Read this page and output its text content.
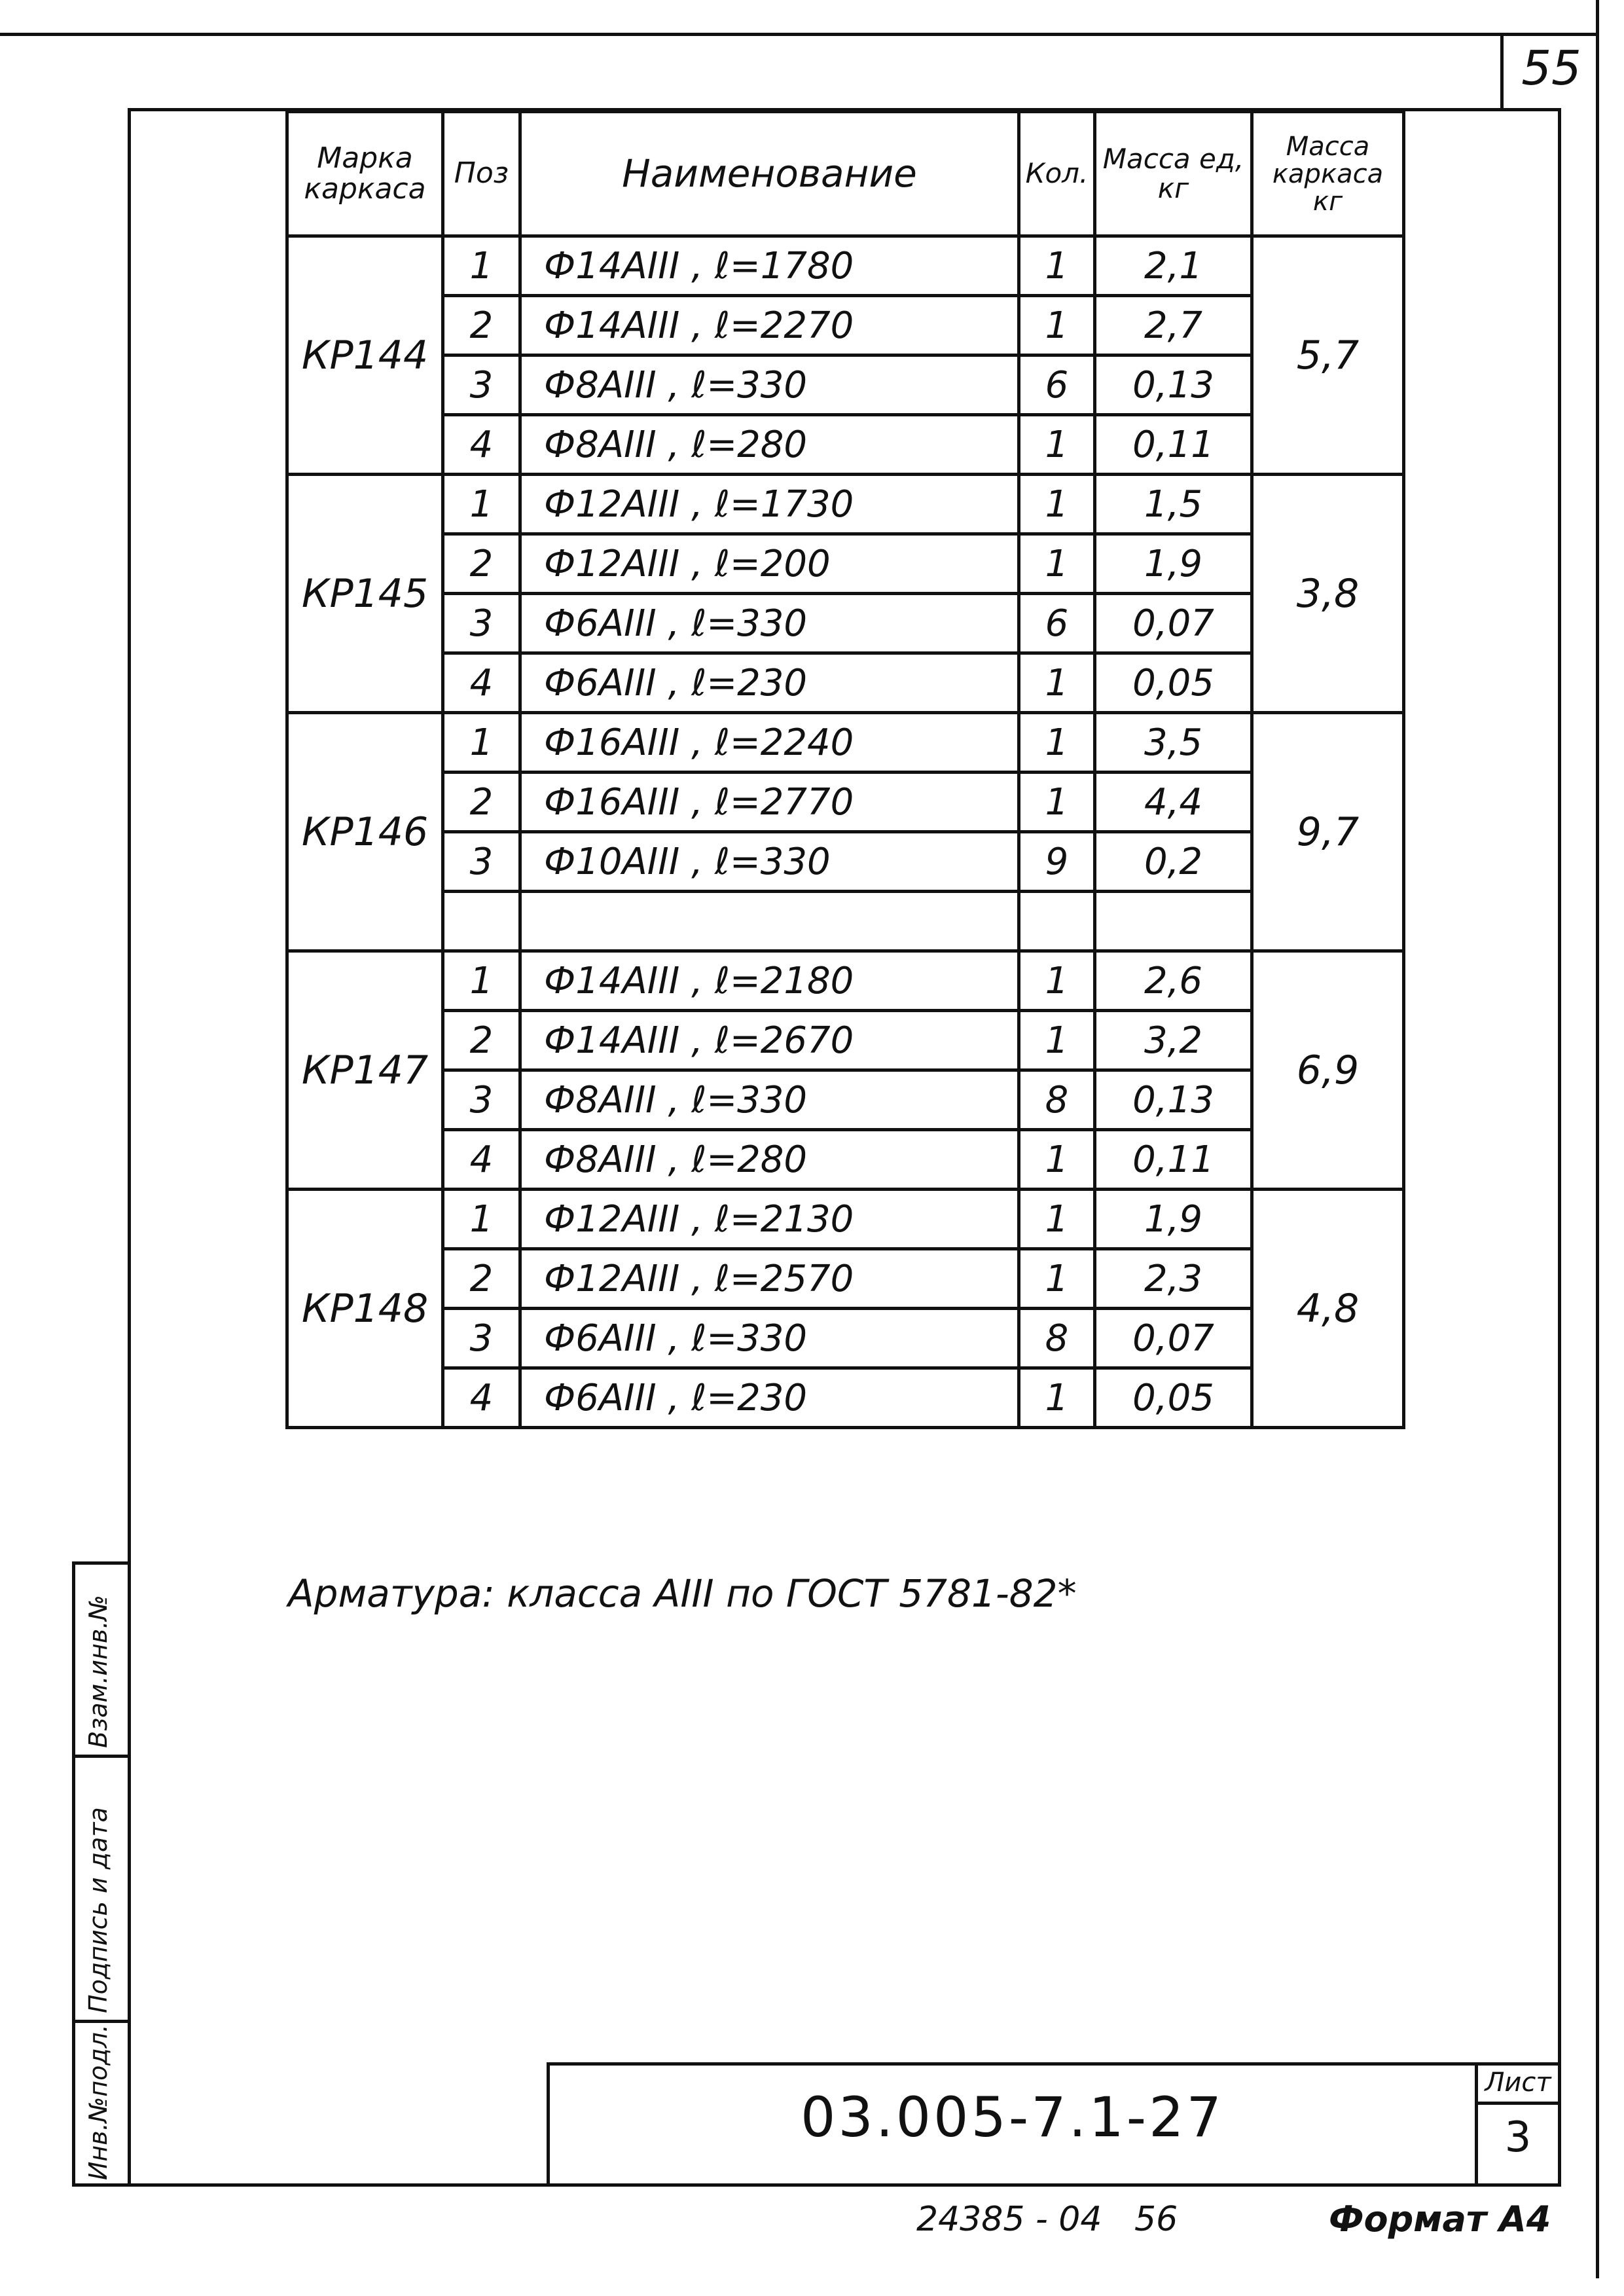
55
Инв.№подл.
Подпись и дата
Взам.инв.№
Марка каркаса	Поз	Наименование	Кол.	Масса ед, кг	Масса каркаса кг
КР144	1	Ф14АIII , ℓ=1780	1	2,1	5,7
	2	Ф14АIII , ℓ=2270	1	2,7	
	3	Ф8АIII , ℓ=330	6	0,13	
	4	Ф8АIII , ℓ=280	1	0,11	
КР145	1	Ф12АIII , ℓ=1730	1	1,5	3,8
	2	Ф12АIII , ℓ=200	1	1,9	
	3	Ф6АIII , ℓ=330	6	0,07	
	4	Ф6АIII , ℓ=230	1	0,05	
КР146	1	Ф16АIII , ℓ=2240	1	3,5	9,7
	2	Ф16АIII , ℓ=2770	1	4,4	
	3	Ф10АIII , ℓ=330	9	0,2	

КР147	1	Ф14АIII , ℓ=2180	1	2,6	6,9
	2	Ф14АIII , ℓ=2670	1	3,2	
	3	Ф8АIII , ℓ=330	8	0,13	
	4	Ф8АIII , ℓ=280	1	0,11	
КР148	1	Ф12АIII , ℓ=2130	1	1,9	4,8
	2	Ф12АIII , ℓ=2570	1	2,3	
	3	Ф6АIII , ℓ=330	8	0,07	
	4	Ф6АIII , ℓ=230	1	0,05	
Арматура: класса АIII по ГОСТ 5781-82*
03.005-7.1-27
Лист
3
24385 - 04   56	Формат А4
